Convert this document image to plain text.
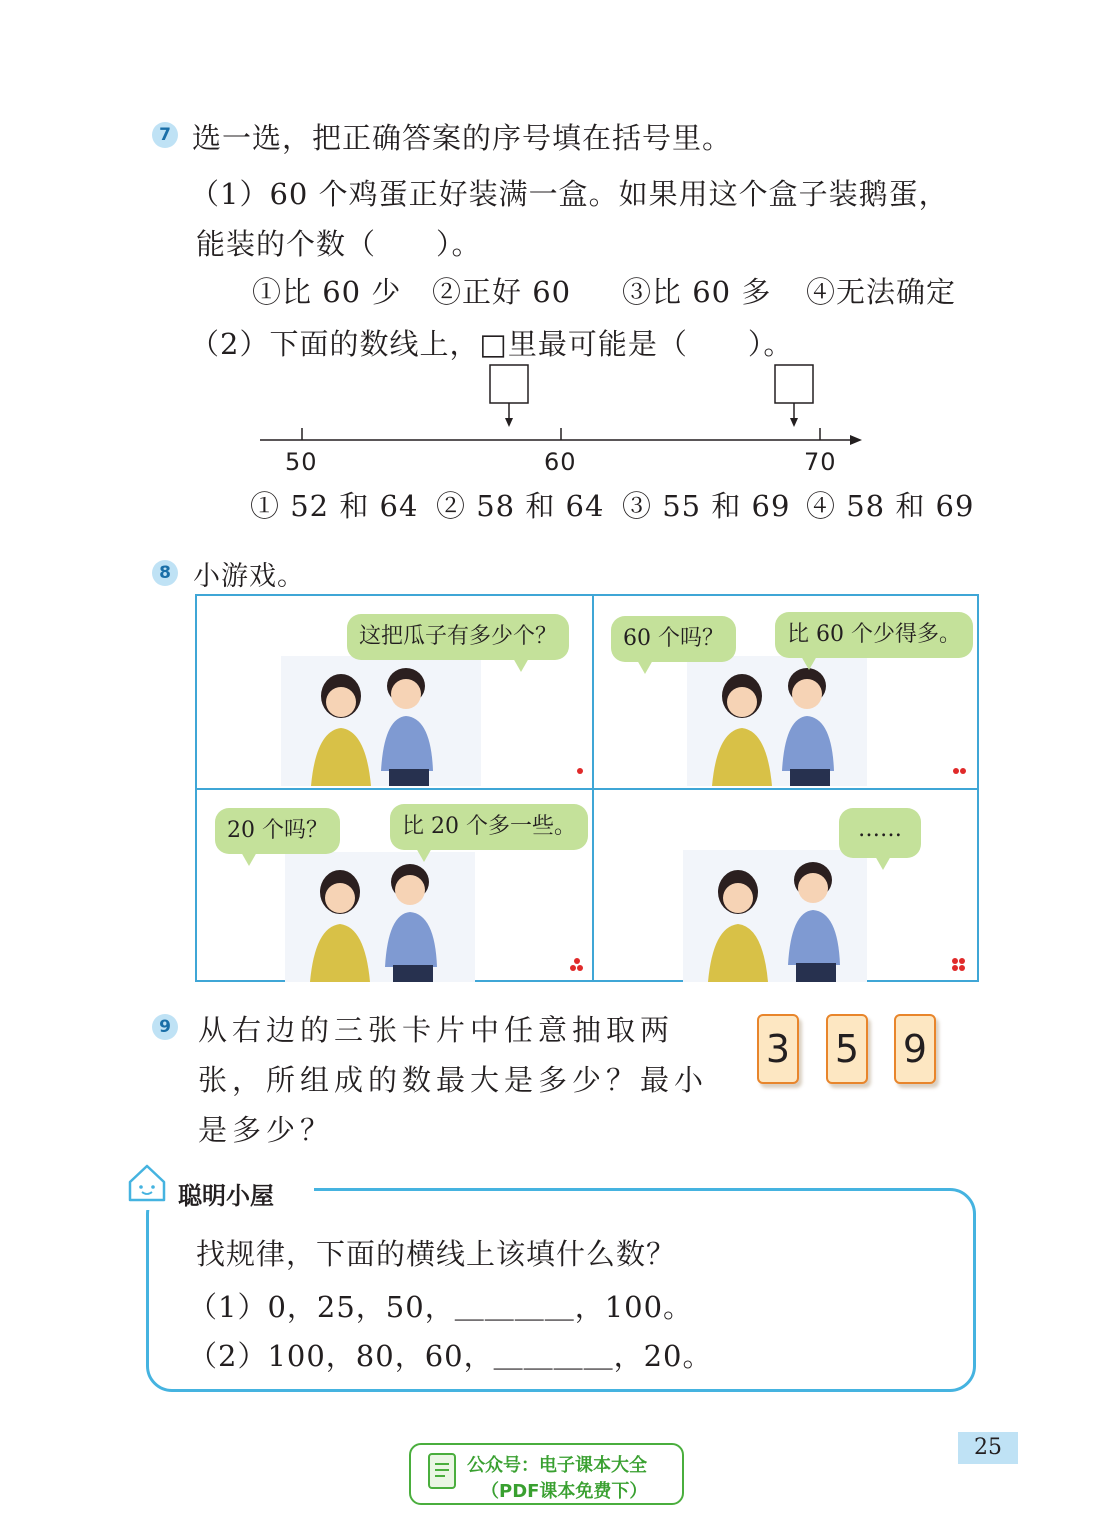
7 选一选，把正确答案的序号填在括号里。
（1）60 个鸡蛋正好装满一盒。如果用这个盒子装鹅蛋，
能装的个数（　　）。
①比 60 少 ②正好 60 ③比 60 多 ④无法确定
（2）下面的数线上，□里最可能是（　　）。
50	60	70
① 52 和 64 ② 58 和 64 ③ 55 和 69 ④ 58 和 69
8 小游戏。
这把瓜子有多少个？	60 个吗？	比 60 个少得多。
20 个吗？	比 20 个多一些。	……
9 从右边的三张卡片中任意抽取两
张，所组成的数最大是多少？最小
是多少？
3 5 9
聪明小屋
找规律，下面的横线上该填什么数？
（1）0，25，50，＿＿＿＿，100。
（2）100，80，60，＿＿＿＿，20。
25
公众号：电子课本大全
（PDF课本免费下）
